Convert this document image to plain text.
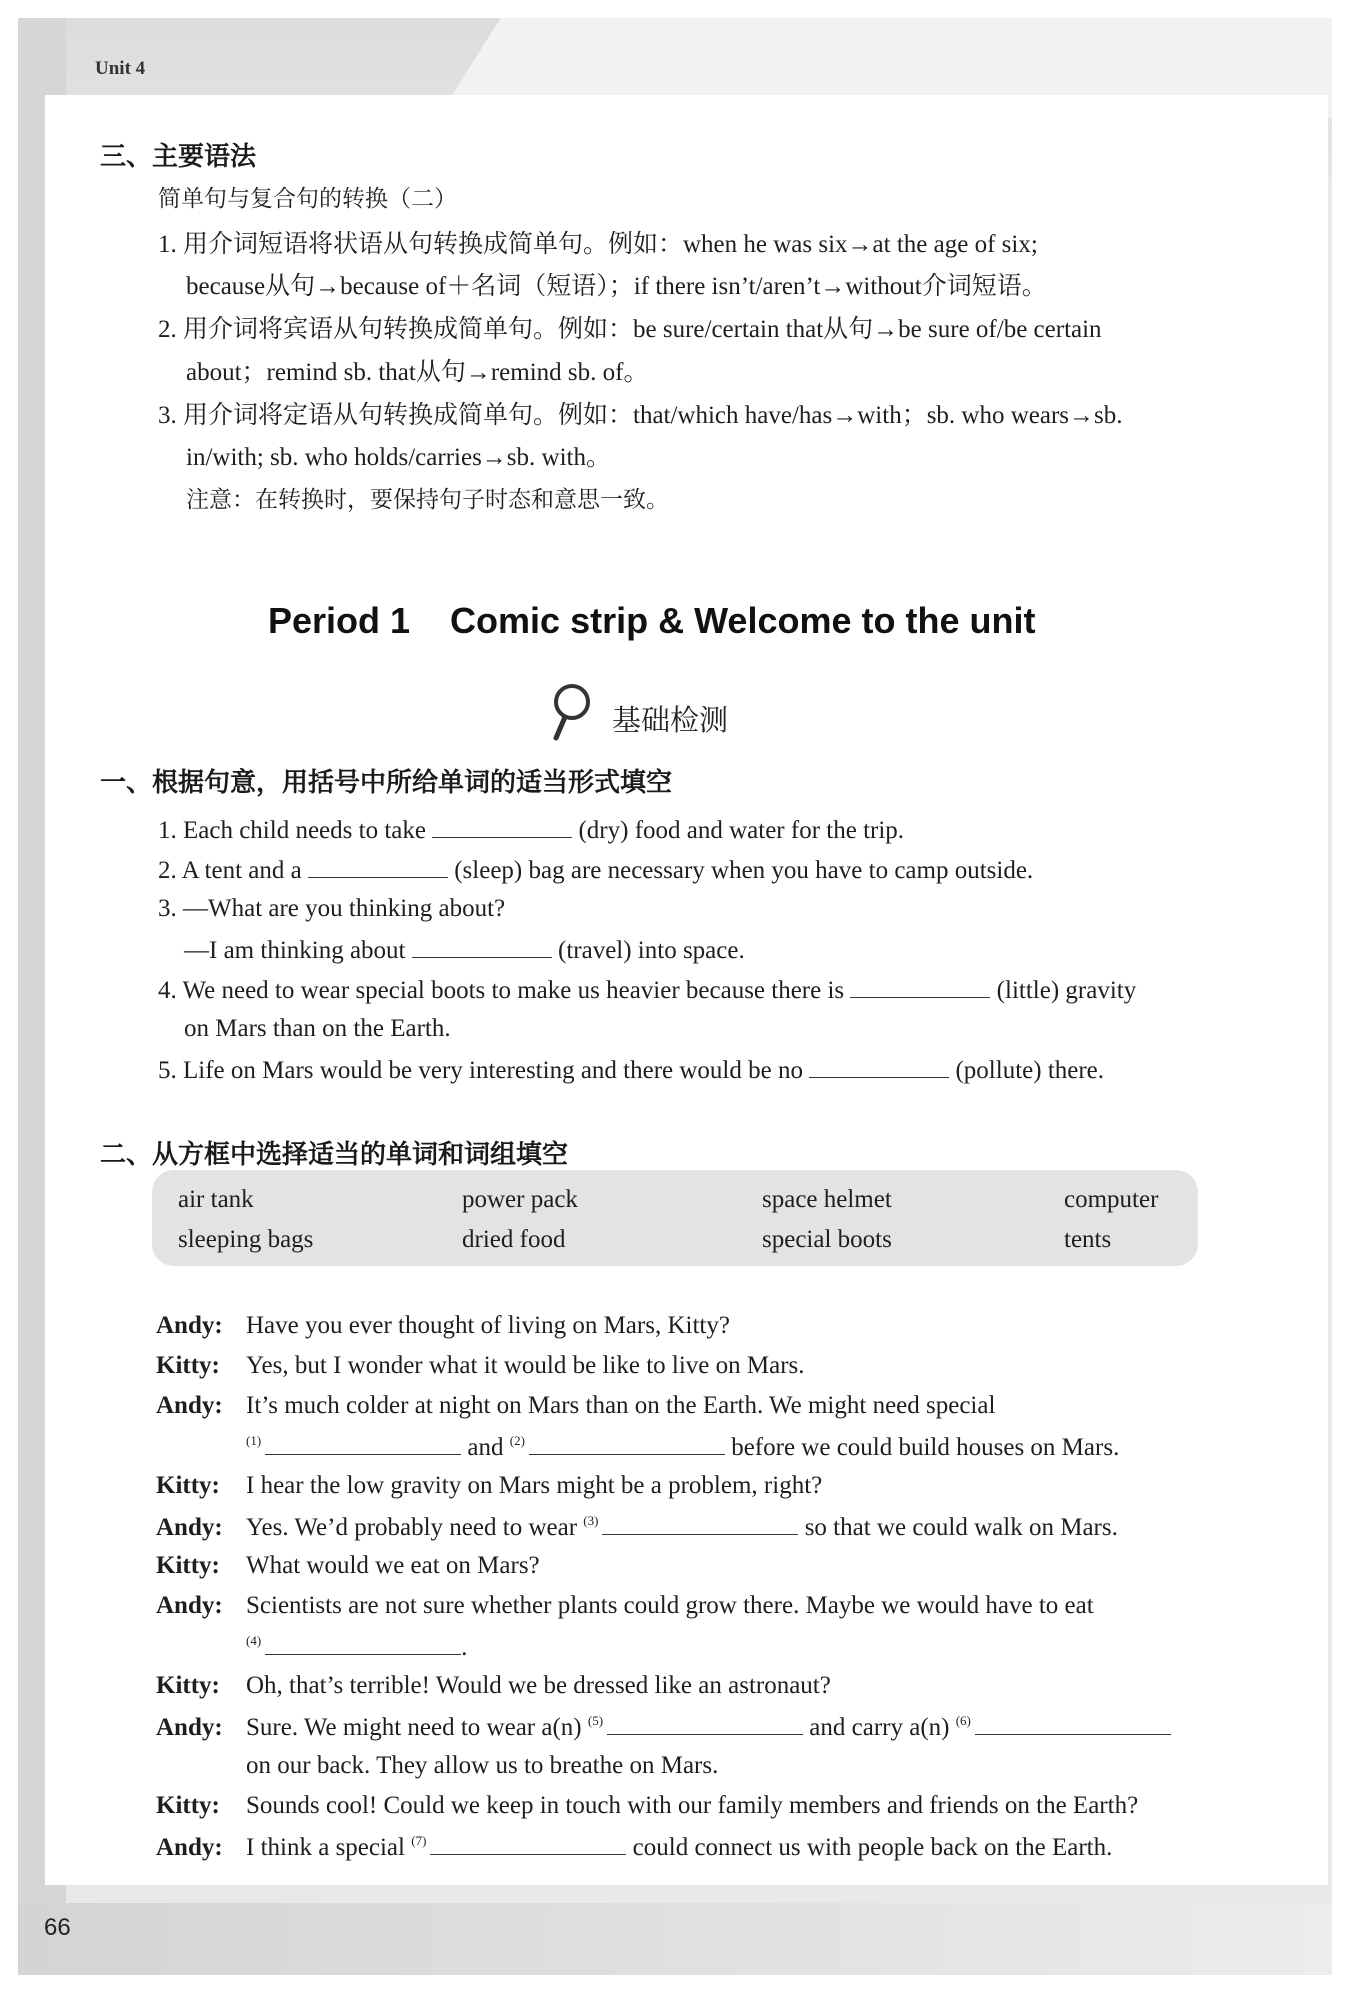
Unit 4
三、主要语法
简单句与复合句的转换（二）
1. 用介词短语将状语从句转换成简单句。例如：when he was six→at the age of six;
because从句→because of＋名词（短语）；if there isn’t/aren’t→without介词短语。
2. 用介词将宾语从句转换成简单句。例如：be sure/certain that从句→be sure of/be certain
about；remind sb. that从句→remind sb. of。
3. 用介词将定语从句转换成简单句。例如：that/which have/has→with；sb. who wears→sb.
in/with; sb. who holds/carries→sb. with。
注意：在转换时，要保持句子时态和意思一致。
Period 1    Comic strip & Welcome to the unit
基础检测
一、根据句意，用括号中所给单词的适当形式填空
1. Each child needs to take	(dry) food and water for the trip.
2. A tent and a	(sleep) bag are necessary when you have to camp outside.
3. —What are you thinking about?
—I am thinking about	(travel) into space.
4. We need to wear special boots to make us heavier because there is	(little) gravity
on Mars than on the Earth.
5. Life on Mars would be very interesting and there would be no	(pollute) there.
二、从方框中选择适当的单词和词组填空
air tank	power pack	space helmet	computer
sleeping bags	dried food	special boots	tents
Andy: Have you ever thought of living on Mars, Kitty?
Kitty: Yes, but I wonder what it would be like to live on Mars.
Andy: It’s much colder at night on Mars than on the Earth. We might need special
$^{(1)}$	and $^{(2)}$	before we could build houses on Mars.
Kitty: I hear the low gravity on Mars might be a problem, right?
Andy: Yes. We’d probably need to wear $^{(3)}$	so that we could walk on Mars.
Kitty: What would we eat on Mars?
Andy: Scientists are not sure whether plants could grow there. Maybe we would have to eat
$^{(4)}$	.
Kitty: Oh, that’s terrible! Would we be dressed like an astronaut?
Andy: Sure. We might need to wear a(n) $^{(5)}$	and carry a(n) $^{(6)}$
on our back. They allow us to breathe on Mars.
Kitty: Sounds cool! Could we keep in touch with our family members and friends on the Earth?
Andy: I think a special $^{(7)}$	could connect us with people back on the Earth.
66
